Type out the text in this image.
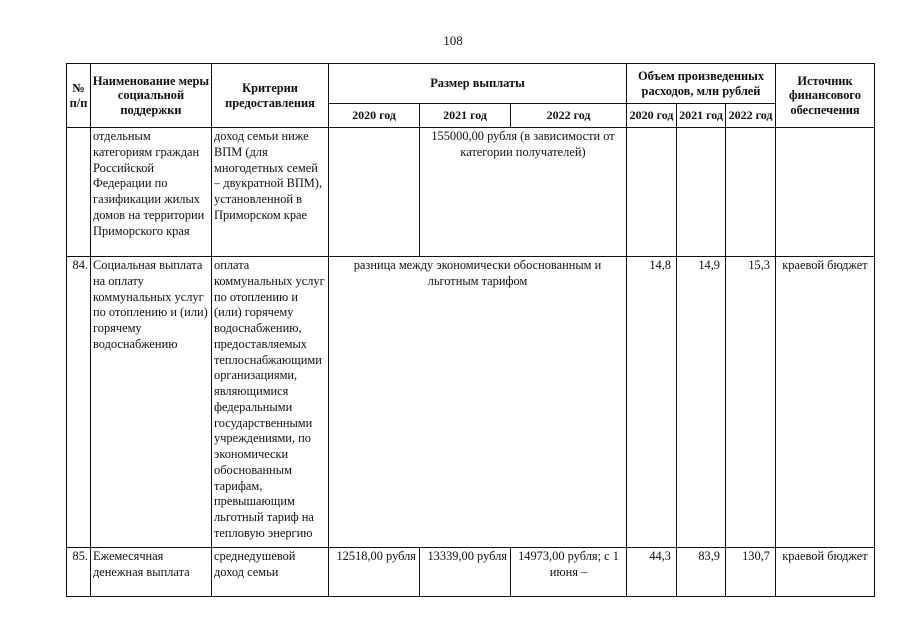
108
№ п/п	Наименование меры социальной поддержки	Критерии предоставления	Размер выплаты			Объем произведенных расходов, млн рублей			Источник финансового обеспечения
			2020 год	2021 год	2022 год	2020 год	2021 год	2022 год	
	отдельным категориям граждан Российской Федерации по газификации жилых домов на территории Приморского края	доход семьи ниже ВПМ (для многодетных семей – двукратной ВПМ), установленной в Приморском крае		155000,00 рубля (в зависимости от категории получателей)					
84.	Социальная выплата на оплату коммунальных услуг по отоплению и (или) горячему водоснабжению	оплата коммунальных услуг по отоплению и (или) горячему водоснабжению, предоставляемых теплоснабжающими организациями, являющимися федеральными государственными учреждениями, по экономически обоснованным тарифам, превышающим льготный тариф на тепловую энергию	разница между экономически обоснованным и льготным тарифом			14,8	14,9	15,3	краевой бюджет
85.	Ежемесячная денежная выплата	среднедушевой доход семьи	12518,00 рубля	13339,00 рубля	14973,00 рубля; с 1 июня –	44,3	83,9	130,7	краевой бюджет
